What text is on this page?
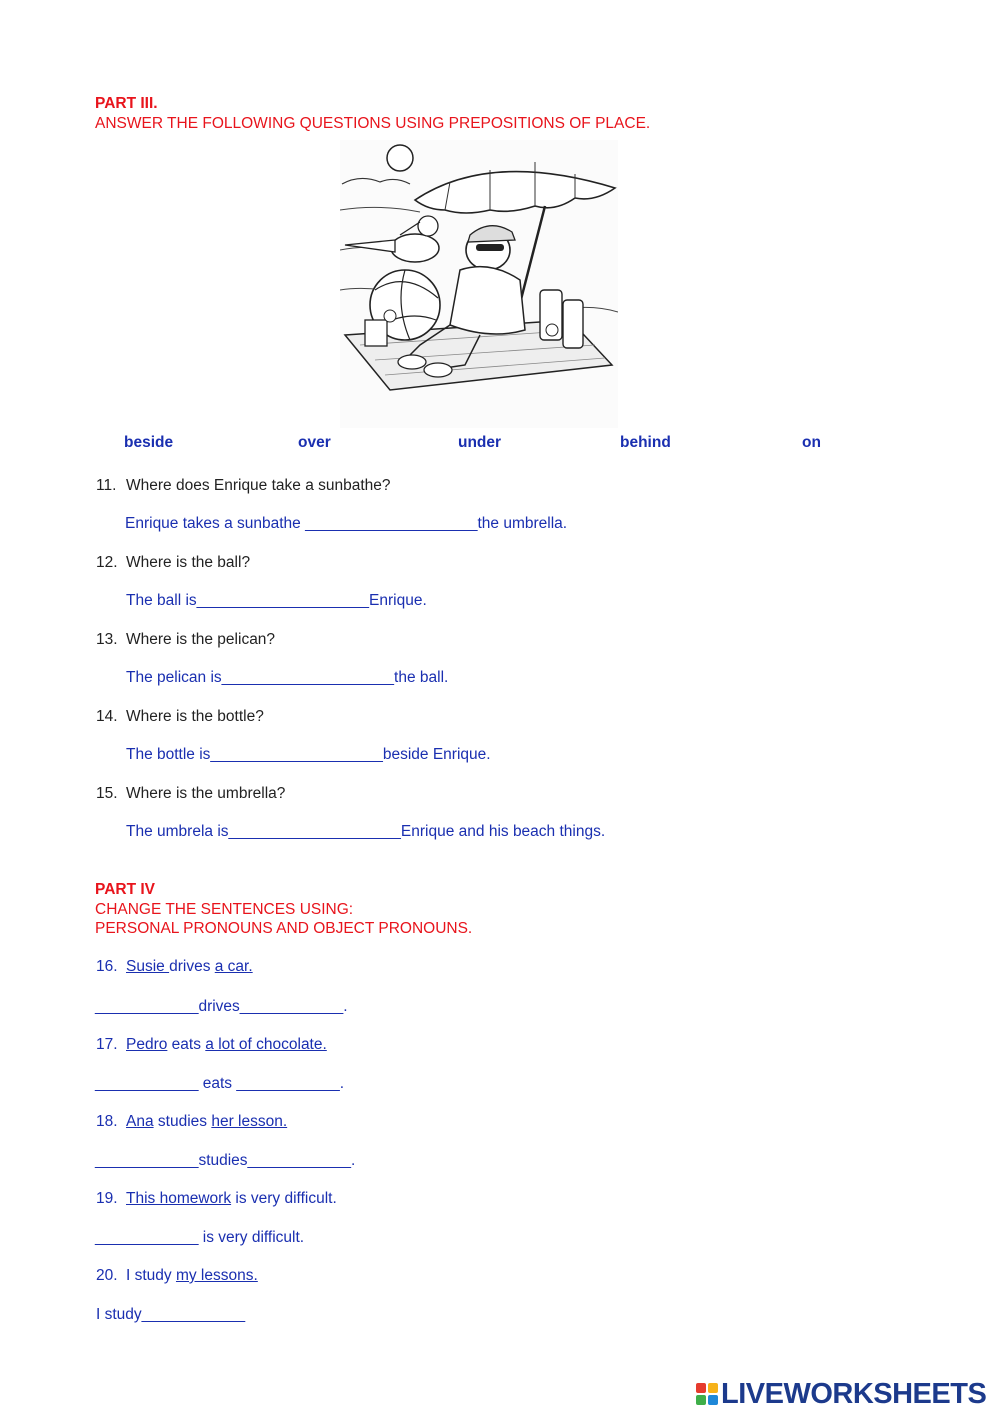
PART III.
ANSWER THE FOLLOWING QUESTIONS USING PREPOSITIONS OF PLACE.
beside	over	under	behind	on
11. Where does Enrique take a sunbathe?
Enrique takes a sunbathe ____________________the umbrella.
12. Where is the ball?
The ball is____________________Enrique.
13. Where is the pelican?
The pelican is____________________the ball.
14. Where is the bottle?
The bottle is____________________beside Enrique.
15. Where is the umbrella?
The umbrela is____________________Enrique and his beach things.
PART IV
CHANGE THE SENTENCES USING:
PERSONAL PRONOUNS AND OBJECT PRONOUNS.
16. Susie drives a car.
____________drives____________.
17. Pedro eats a lot of chocolate.
____________ eats ____________.
18. Ana studies her lesson.
____________studies____________.
19. This homework is very difficult.
____________ is very difficult.
20. I study my lessons.
I study____________
LIVEWORKSHEETS
